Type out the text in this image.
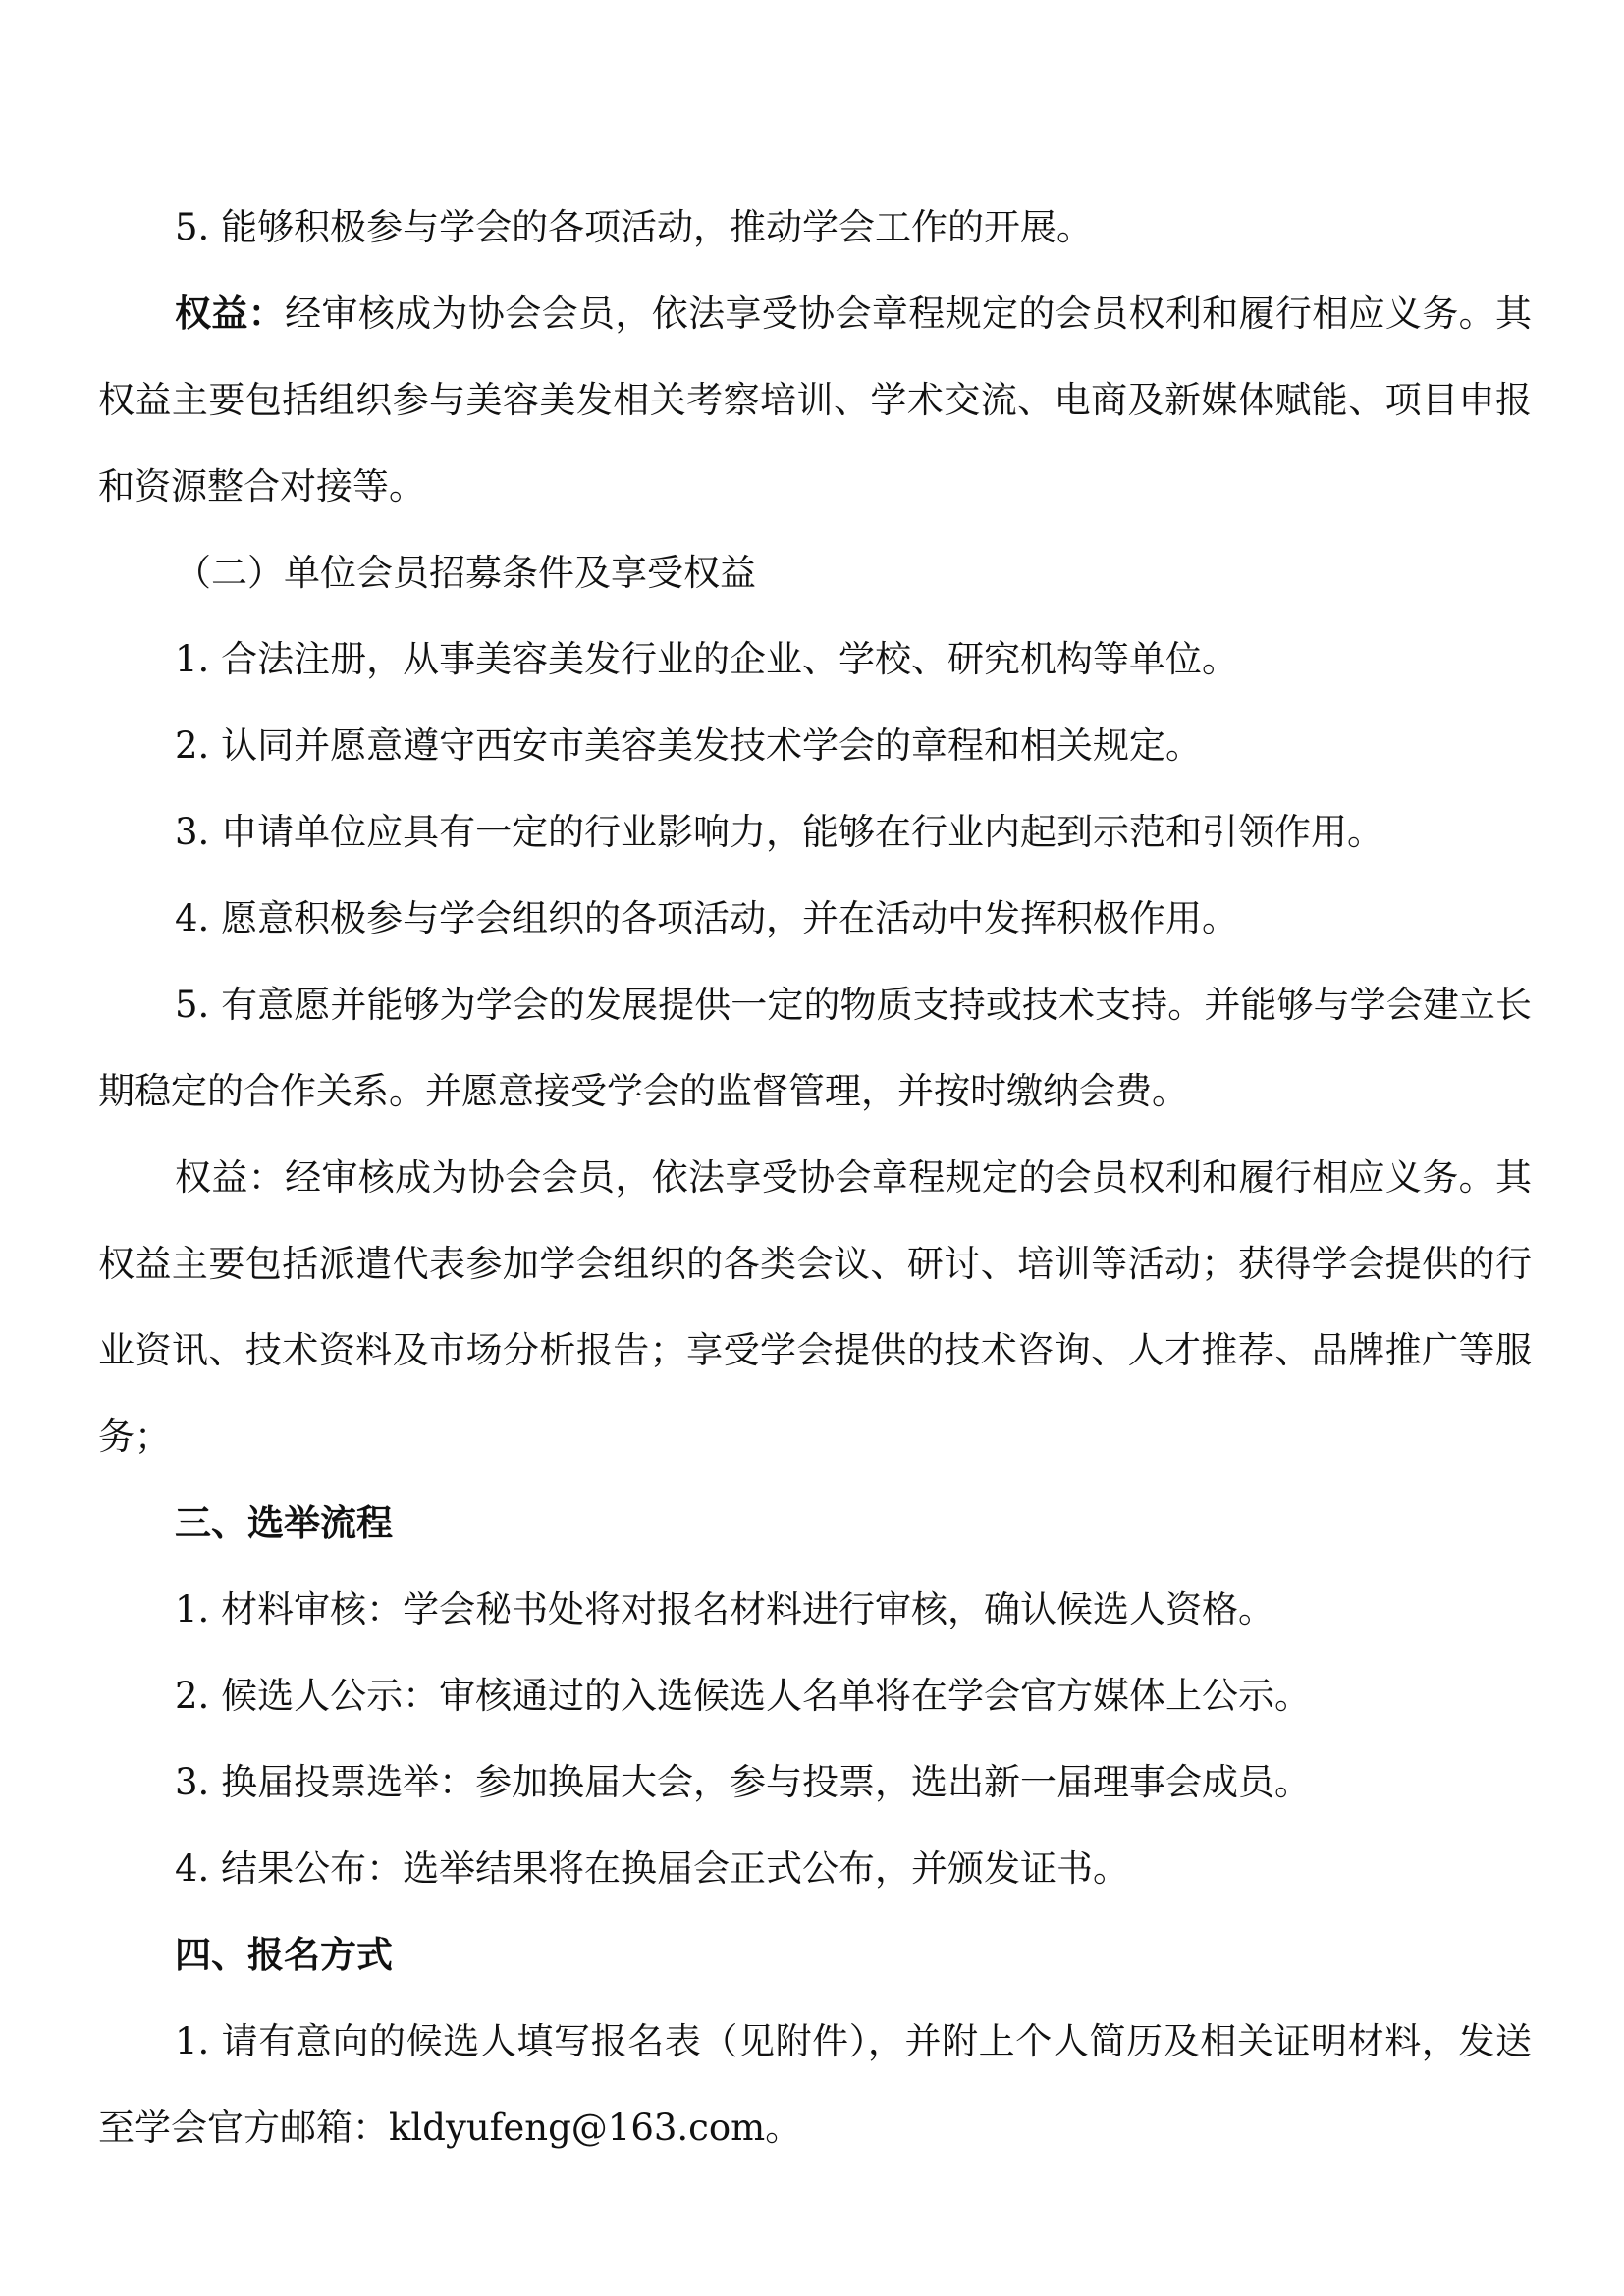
5. 能够积极参与学会的各项活动，推动学会工作的开展。

权益：经审核成为协会会员，依法享受协会章程规定的会员权利和履行相应义务。其权益主要包括组织参与美容美发相关考察培训、学术交流、电商及新媒体赋能、项目申报和资源整合对接等。

（二）单位会员招募条件及享受权益

1. 合法注册，从事美容美发行业的企业、学校、研究机构等单位。

2. 认同并愿意遵守西安市美容美发技术学会的章程和相关规定。

3. 申请单位应具有一定的行业影响力，能够在行业内起到示范和引领作用。

4. 愿意积极参与学会组织的各项活动，并在活动中发挥积极作用。

5. 有意愿并能够为学会的发展提供一定的物质支持或技术支持。并能够与学会建立长期稳定的合作关系。并愿意接受学会的监督管理，并按时缴纳会费。

权益：经审核成为协会会员，依法享受协会章程规定的会员权利和履行相应义务。其权益主要包括派遣代表参加学会组织的各类会议、研讨、培训等活动；获得学会提供的行业资讯、技术资料及市场分析报告；享受学会提供的技术咨询、人才推荐、品牌推广等服务；

三、选举流程

1. 材料审核：学会秘书处将对报名材料进行审核，确认候选人资格。

2. 候选人公示：审核通过的入选候选人名单将在学会官方媒体上公示。

3. 换届投票选举：参加换届大会，参与投票，选出新一届理事会成员。

4. 结果公布：选举结果将在换届会正式公布，并颁发证书。

四、报名方式

1. 请有意向的候选人填写报名表（见附件），并附上个人简历及相关证明材料，发送至学会官方邮箱：kldyufeng@163.com。
